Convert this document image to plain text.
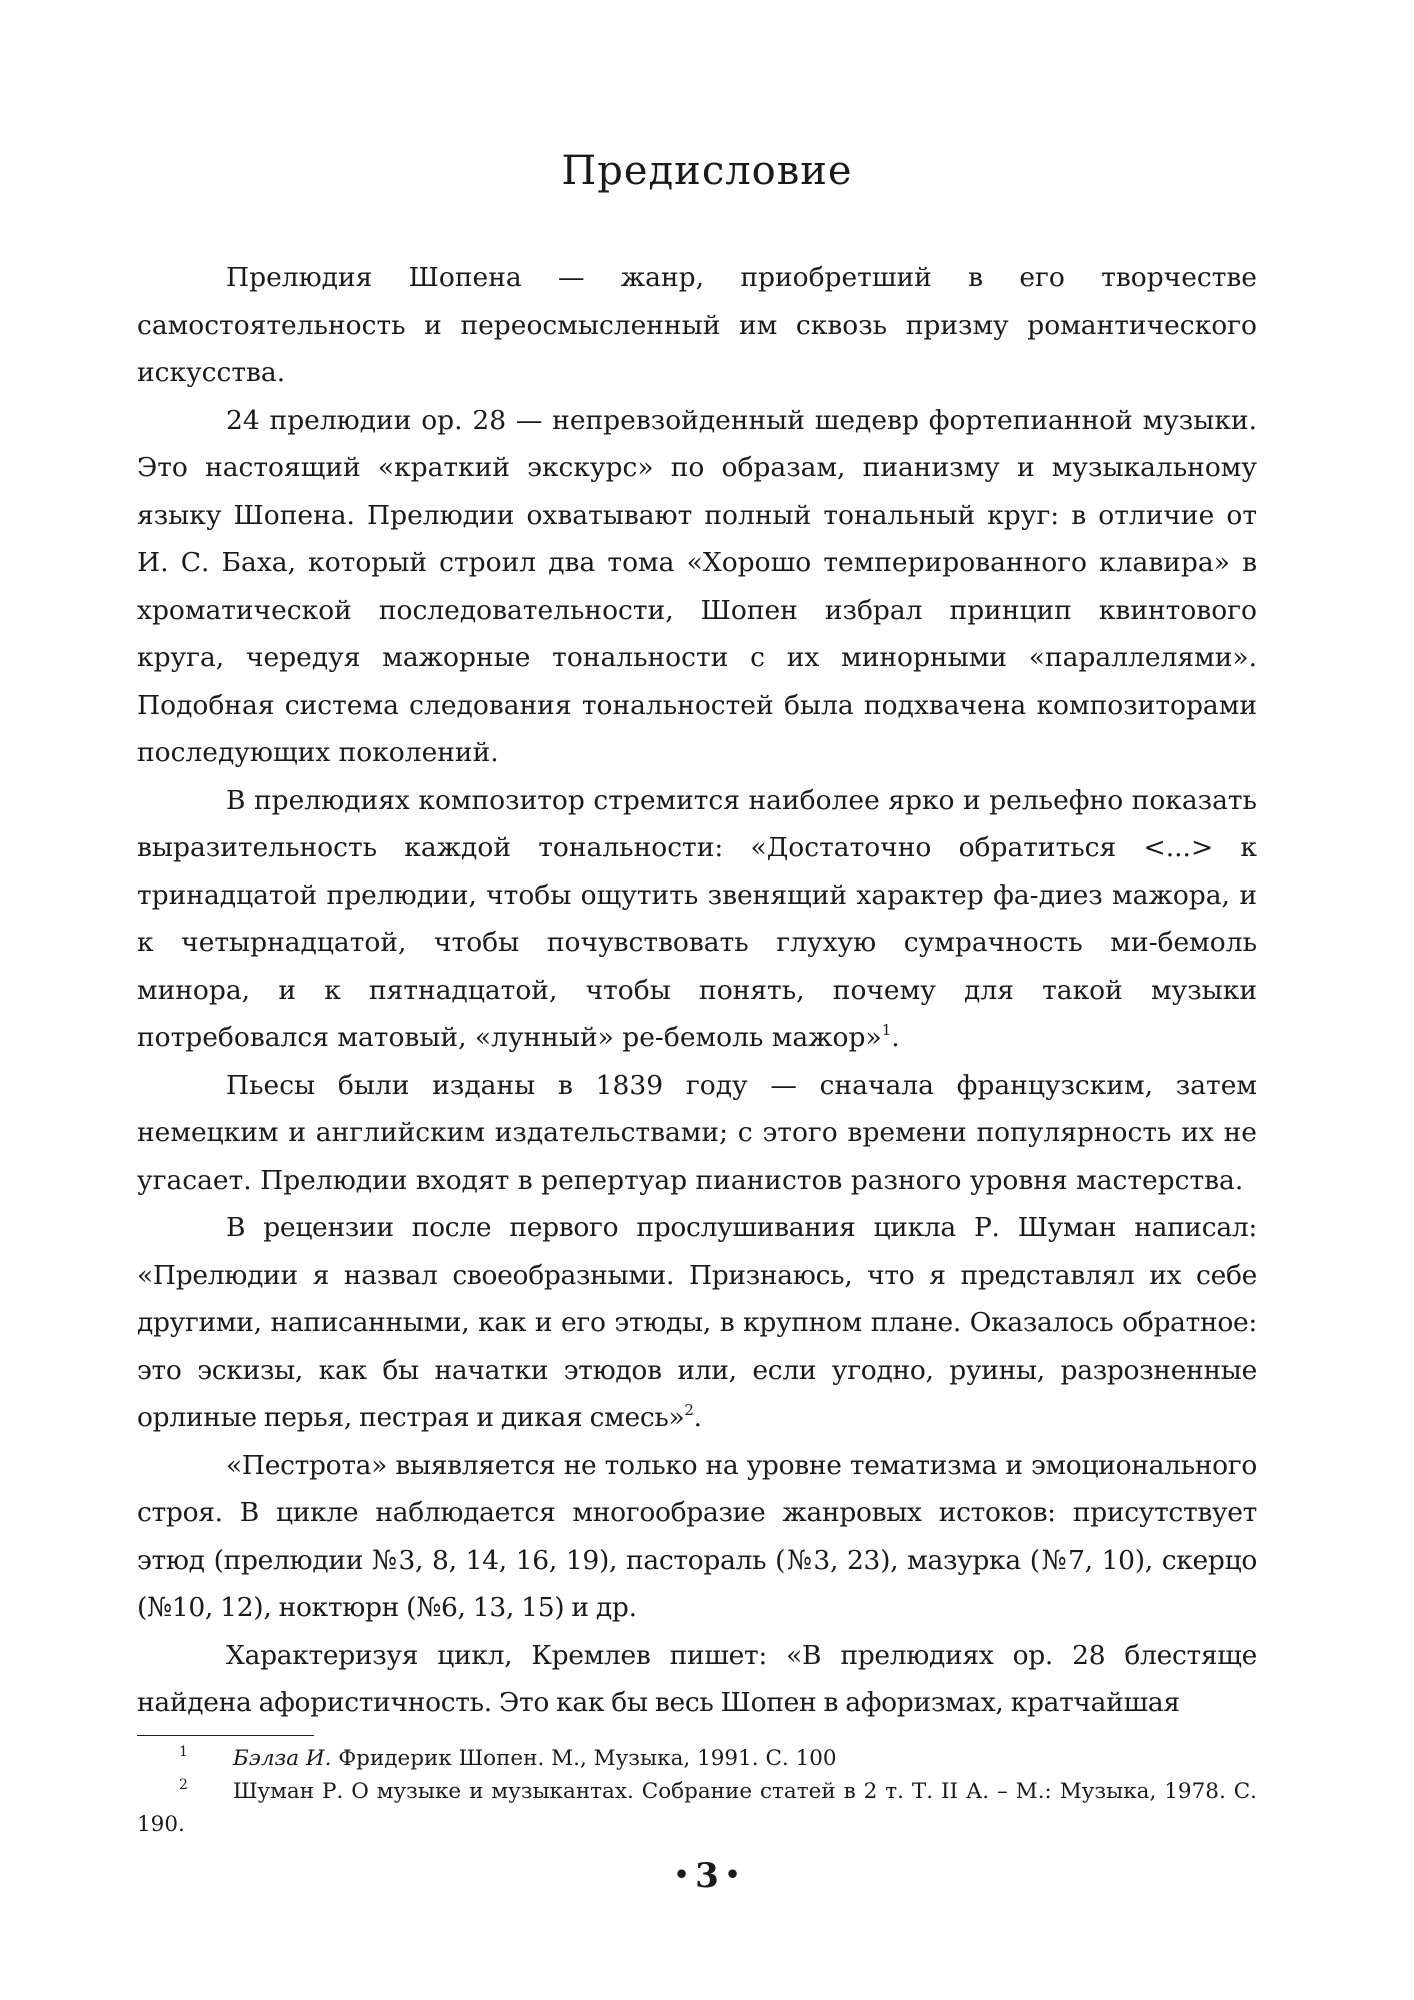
Предисловие

Прелюдия Шопена — жанр, приобретший в его творчестве самостоятельность и переосмысленный им сквозь призму романтического искусства.

24 прелюдии ор. 28 — непревзойденный шедевр фортепианной музыки. Это настоящий «краткий экскурс» по образам, пианизму и музыкальному языку Шопена. Прелюдии охватывают полный тональный круг: в отличие от И. С. Баха, который строил два тома «Хорошо темперированного клавира» в хроматической последовательности, Шопен избрал принцип квинтового круга, чередуя мажорные тональности с их минорными «параллелями». Подобная система следования тональностей была подхвачена композиторами последующих поколений.

В прелюдиях композитор стремится наиболее ярко и рельефно показать выразительность каждой тональности: «Достаточно обратиться <...> к тринадцатой прелюдии, чтобы ощутить звенящий характер фа-диез мажора, и к четырнадцатой, чтобы почувствовать глухую сумрачность ми-бемоль минора, и к пятнадцатой, чтобы понять, почему для такой музыки потребовался матовый, «лунный» ре-бемоль мажор»$^1$.

Пьесы были изданы в 1839 году — сначала французским, затем немецким и английским издательствами; с этого времени популярность их не угасает. Прелюдии входят в репертуар пианистов разного уровня мастерства.

В рецензии после первого прослушивания цикла Р. Шуман написал: «Прелюдии я назвал своеобразными. Признаюсь, что я представлял их себе другими, написанными, как и его этюды, в крупном плане. Оказалось обратное: это эскизы, как бы начатки этюдов или, если угодно, руины, разрозненные орлиные перья, пестрая и дикая смесь»$^2$.

«Пестрота» выявляется не только на уровне тематизма и эмоционального строя. В цикле наблюдается многообразие жанровых истоков: присутствует этюд (прелюдии №3, 8, 14, 16, 19), пастораль (№3, 23), мазурка (№7, 10), скерцо (№10, 12), ноктюрн (№6, 13, 15) и др.

Характеризуя цикл, Кремлев пишет: «В прелюдиях ор. 28 блестяще найдена афористичность. Это как бы весь Шопен в афоризмах, кратчайшая

1 Бэлза И. Фридерик Шопен. М., Музыка, 1991. С. 100

2 Шуман Р. О музыке и музыкантах. Собрание статей в 2 т. Т. II А. – М.: Музыка, 1978. С. 190.

• 3 •
